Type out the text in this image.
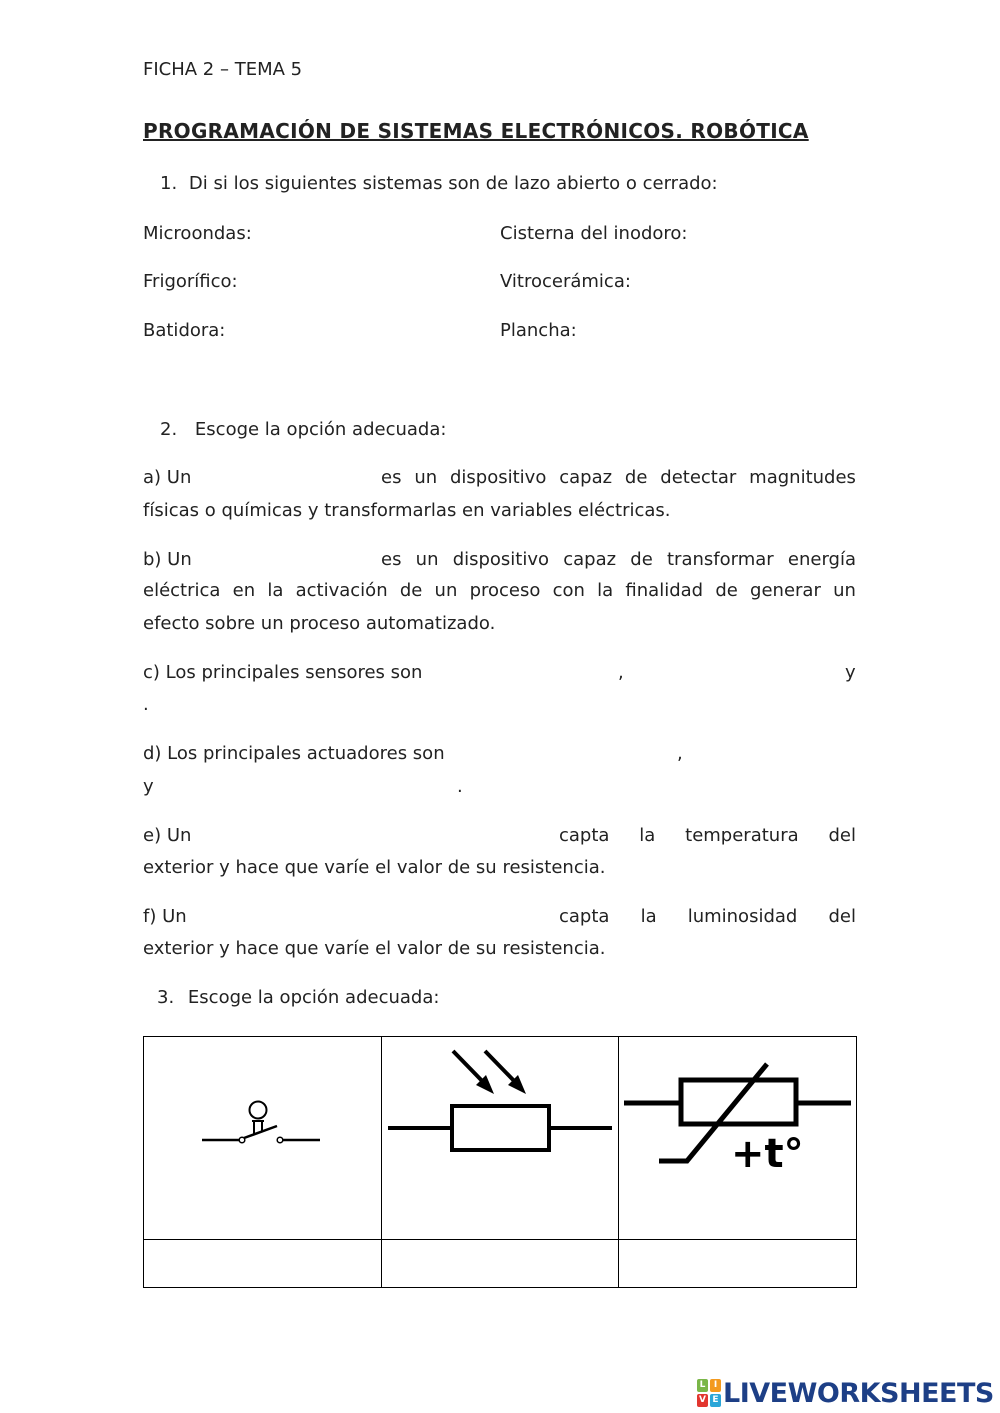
FICHA 2 – TEMA 5
PROGRAMACIÓN DE SISTEMAS ELECTRÓNICOS. ROBÓTICA
1. Di si los siguientes sistemas son de lazo abierto o cerrado:
Microondas:	Cisterna del inodoro:
Frigorífico:	Vitrocerámica:
Batidora:	Plancha:
2. Escoge la opción adecuada:
a) Un	es un dispositivo capaz de detectar magnitudes
físicas o químicas y transformarlas en variables eléctricas.
b) Un	es un dispositivo capaz de transformar energía
eléctrica en la activación de un proceso con la finalidad de generar un
efecto sobre un proceso automatizado.
c) Los principales sensores son	,	y
.
d) Los principales actuadores son	,
y	.
e) Un	capta la temperatura del
exterior y hace que varíe el valor de su resistencia.
f) Un	capta la luminosidad del
exterior y hace que varíe el valor de su resistencia.
3. Escoge la opción adecuada:

+t°

L I
V E LIVEWORKSHEETS
